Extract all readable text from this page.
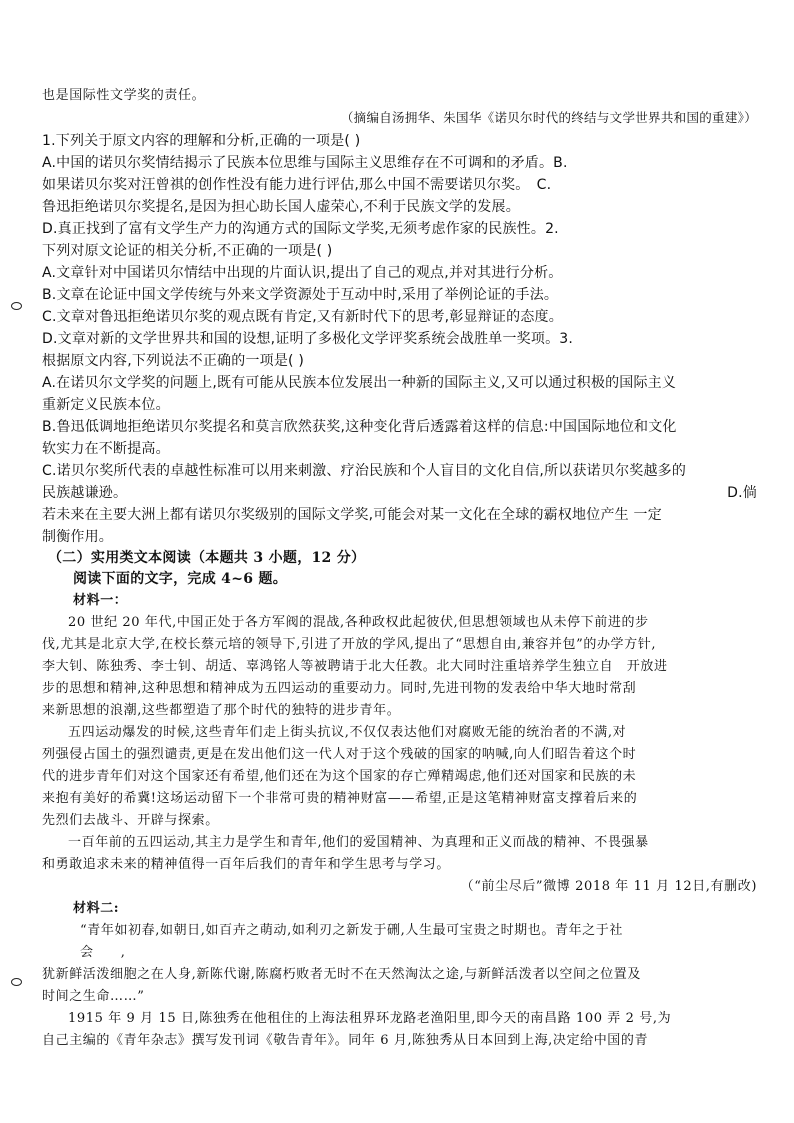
也是国际性文学奖的责任。
（摘编自汤拥华、朱国华《诺贝尔时代的终结与文学世界共和国的重建》）
1.下列关于原文内容的理解和分析,正确的一项是( )
A.中国的诺贝尔奖情结揭示了民族本位思维与国际主义思维存在不可调和的矛盾。B.
如果诺贝尔奖对汪曾祺的创作性没有能力进行评估,那么中国不需要诺贝尔奖。　C.
鲁迅拒绝诺贝尔奖提名,是因为担心助长国人虚荣心,不利于民族文学的发展。
D.真正找到了富有文学生产力的沟通方式的国际文学奖,无须考虑作家的民族性。2.
下列对原文论证的相关分析,不正确的一项是( )
A.文章针对中国诺贝尔情结中出现的片面认识,提出了自己的观点,并对其进行分析。
B.文章在论证中国文学传统与外来文学资源处于互动中时,采用了举例论证的手法。
C.文章对鲁迅拒绝诺贝尔奖的观点既有肯定,又有新时代下的思考,彰显辩证的态度。
D.文章对新的文学世界共和国的设想,证明了多极化文学评奖系统会战胜单一奖项。3.
根据原文内容,下列说法不正确的一项是( )
A.在诺贝尔文学奖的问题上,既有可能从民族本位发展出一种新的国际主义,又可以通过积极的国际主义
重新定义民族本位。
B.鲁迅低调地拒绝诺贝尔奖提名和莫言欣然获奖,这种变化背后透露着这样的信息:中国国际地位和文化
软实力在不断提高。
C.诺贝尔奖所代表的卓越性标准可以用来刺激、疗治民族和个人盲目的文化自信,所以获诺贝尔奖越多的
民族越谦逊。	D.倘
若未来在主要大洲上都有诺贝尔奖级别的国际文学奖,可能会对某一文化在全球的霸权地位产生 一定
制衡作用。
（二）实用类文本阅读（本题共 3 小题，12 分）
阅读下面的文字，完成 4~6 题。
材料一：
20 世纪 20 年代,中国正处于各方军阀的混战,各种政权此起彼伏,但思想领域也从未停下前进的步
伐,尤其是北京大学,在校长蔡元培的领导下,引进了开放的学风,提出了“思想自由,兼容并包”的办学方针,
李大钊、陈独秀、李士钊、胡适、辜鸿铭人等被聘请于北大任教。北大同时注重培养学生独立自　开放进
步的思想和精神,这种思想和精神成为五四运动的重要动力。同时,先进刊物的发表给中华大地时常刮
来新思想的浪潮,这些都塑造了那个时代的独特的进步青年。
五四运动爆发的时候,这些青年们走上街头抗议,不仅仅表达他们对腐败无能的统治者的不满,对
列强侵占国土的强烈谴责,更是在发出他们这一代人对于这个残破的国家的呐喊,向人们昭告着这个时
代的进步青年们对这个国家还有希望,他们还在为这个国家的存亡殚精竭虑,他们还对国家和民族的未
来抱有美好的希冀!这场运动留下一个非常可贵的精神财富——希望,正是这笔精神财富支撑着后来的
先烈们去战斗、开辟与探索。
一百年前的五四运动,其主力是学生和青年,他们的爱国精神、为真理和正义而战的精神、不畏强暴
和勇敢追求未来的精神值得一百年后我们的青年和学生思考与学习。
（“前尘尽后”微博 2018 年 11 月 12日,有删改)
材料二:
“青年如初春,如朝日,如百卉之萌动,如利刃之新发于硎,人生最可宝贵之时期也。青年之于社
会　　,
犹新鲜活泼细胞之在人身,新陈代谢,陈腐朽败者无时不在天然淘汰之途,与新鲜活泼者以空间之位置及
时间之生命……”
1915 年 9 月 15 日,陈独秀在他租住的上海法租界环龙路老渔阳里,即今天的南昌路 100 弄 2 号,为
自己主编的《青年杂志》撰写发刊词《敬告青年》。同年 6 月,陈独秀从日本回到上海,决定给中国的青
